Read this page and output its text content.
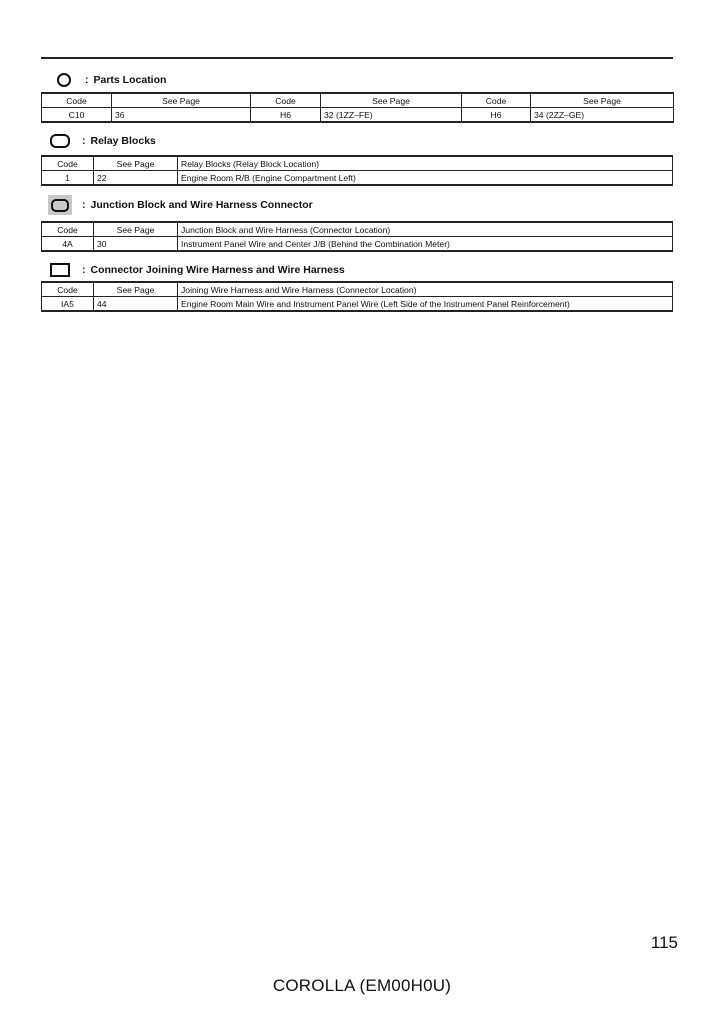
: Parts Location
Code	See Page	Code	See Page	Code	See Page
C10	36	H6	32 (1ZZ–FE)	H6	34 (2ZZ–GE)
: Relay Blocks
Code	See Page	Relay Blocks (Relay Block Location)
1	22	Engine Room R/B (Engine Compartment Left)
: Junction Block and Wire Harness Connector
Code	See Page	Junction Block and Wire Harness (Connector Location)
4A	30	Instrument Panel Wire and Center J/B (Behind the Combination Meter)
: Connector Joining Wire Harness and Wire Harness
Code	See Page	Joining Wire Harness and Wire Harness (Connector Location)
IA5	44	Engine Room Main Wire and Instrument Panel Wire (Left Side of the Instrument Panel Reinforcement)
115
COROLLA (EM00H0U)
